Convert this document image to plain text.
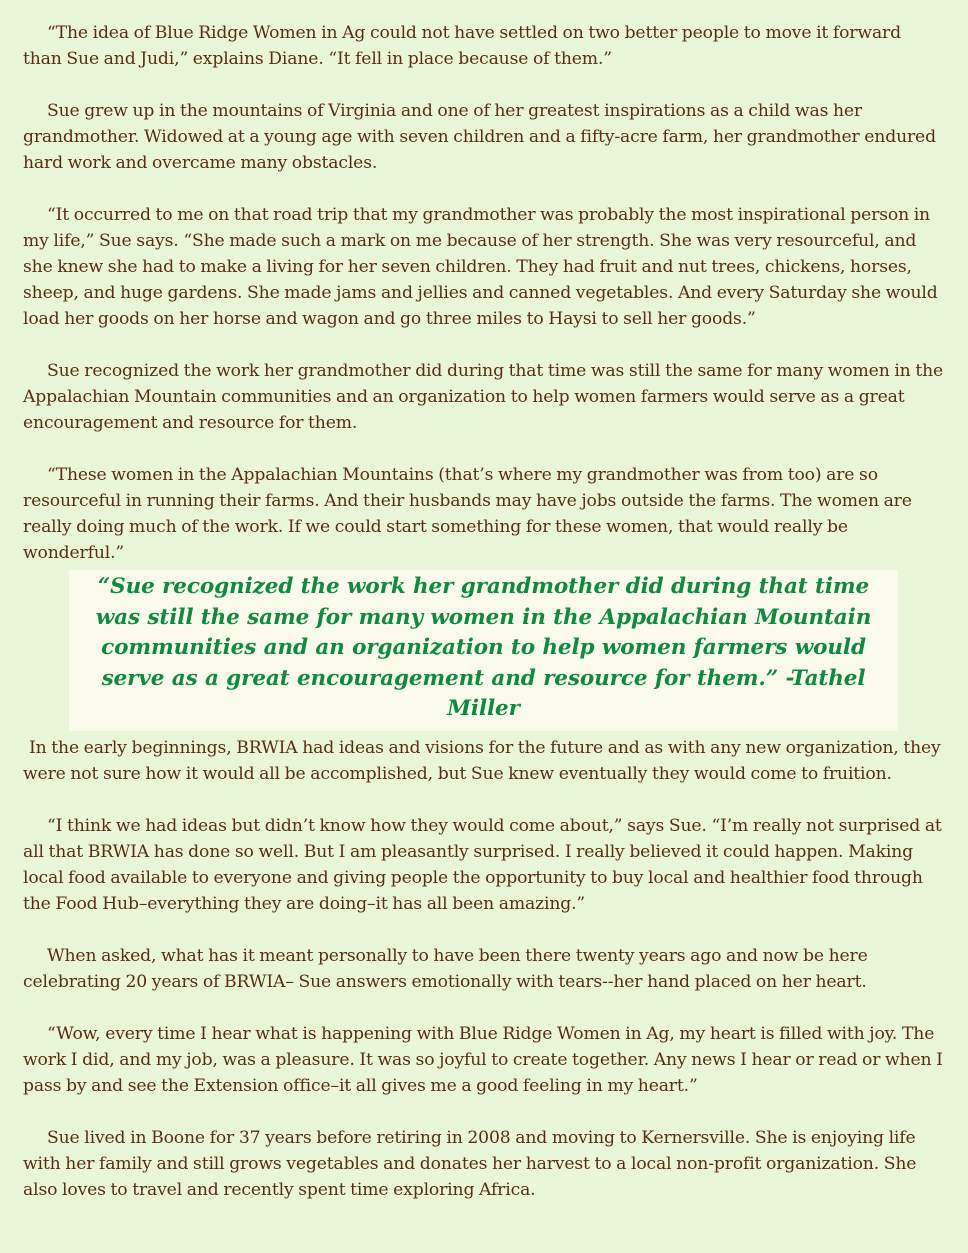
“The idea of Blue Ridge Women in Ag could not have settled on two better people to move it forward than Sue and Judi,” explains Diane. “It fell in place because of them.”

Sue grew up in the mountains of Virginia and one of her greatest inspirations as a child was her grandmother. Widowed at a young age with seven children and a fifty-acre farm, her grandmother endured hard work and overcame many obstacles.

“It occurred to me on that road trip that my grandmother was probably the most inspirational person in my life,” Sue says. “She made such a mark on me because of her strength. She was very resourceful, and she knew she had to make a living for her seven children. They had fruit and nut trees, chickens, horses, sheep, and huge gardens. She made jams and jellies and canned vegetables. And every Saturday she would load her goods on her horse and wagon and go three miles to Haysi to sell her goods.”

Sue recognized the work her grandmother did during that time was still the same for many women in the Appalachian Mountain communities and an organization to help women farmers would serve as a great encouragement and resource for them.

“These women in the Appalachian Mountains (that’s where my grandmother was from too) are so resourceful in running their farms. And their husbands may have jobs outside the farms. The women are really doing much of the work. If we could start something for these women, that would really be wonderful.”

“Sue recognized the work her grandmother did during that time was still the same for many women in the Appalachian Mountain communities and an organization to help women farmers would serve as a great encouragement and resource for them.” -Tathel Miller

In the early beginnings, BRWIA had ideas and visions for the future and as with any new organization, they were not sure how it would all be accomplished, but Sue knew eventually they would come to fruition.

“I think we had ideas but didn’t know how they would come about,” says Sue. “I’m really not surprised at all that BRWIA has done so well. But I am pleasantly surprised. I really believed it could happen. Making local food available to everyone and giving people the opportunity to buy local and healthier food through the Food Hub–everything they are doing–it has all been amazing.”

When asked, what has it meant personally to have been there twenty years ago and now be here celebrating 20 years of BRWIA– Sue answers emotionally with tears--her hand placed on her heart.

“Wow, every time I hear what is happening with Blue Ridge Women in Ag, my heart is filled with joy. The work I did, and my job, was a pleasure. It was so joyful to create together. Any news I hear or read or when I pass by and see the Extension office–it all gives me a good feeling in my heart.”

Sue lived in Boone for 37 years before retiring in 2008 and moving to Kernersville. She is enjoying life with her family and still grows vegetables and donates her harvest to a local non-profit organization. She also loves to travel and recently spent time exploring Africa.
